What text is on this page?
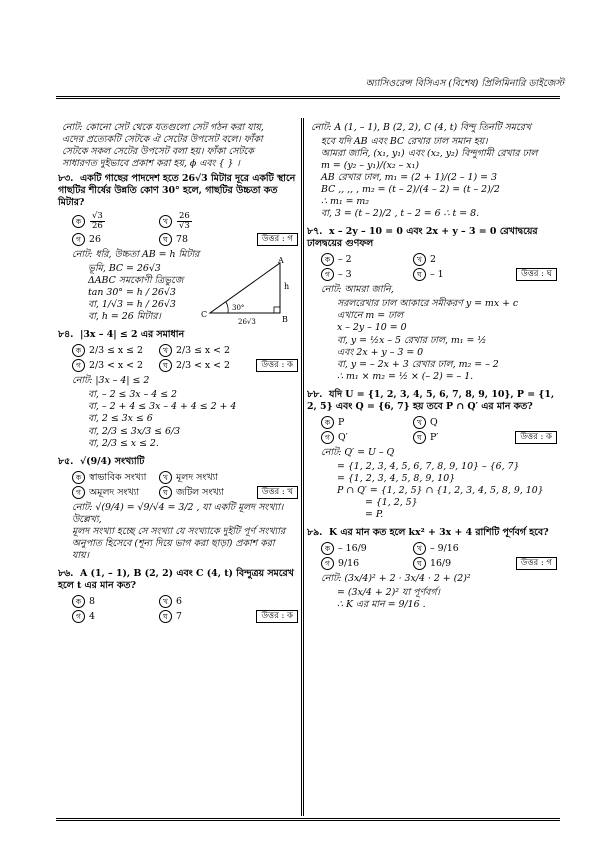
অ্যাসিওরেন্স বিসিএস (বিশেষ) প্রিলিমিনারি ডাইজেস্ট
নোট: কোনো সেট থেকে যতগুলো সেট গঠন করা যায়,
এদের প্রত্যেকটি সেটকে ঐ সেটের উপসেট বলে। ফাঁকা
সেটকে সকল সেটের উপসেট বলা হয়। ফাঁকা সেটকে
সাধারণত দুইভাবে প্রকাশ করা হয়, ϕ এবং { } ।
৮৩. একটি গাছের পাদদেশ হতে 26√3 মিটার দূরে একটি স্থানে গাছটির শীর্ষের উন্নতি কোণ 30° হলে, গাছটির উচ্চতা কত মিটার?
ক $\frac{√3}{26}$	খ $\frac{26}{√3}$
গ 26	ঘ 78	উত্তর : গ
নোট: ধরি, উচ্চতা AB = h মিটার
ভূমি, BC = 26√3
ΔABC সমকোণী ত্রিভুজে
tan 30° = h / 26√3
বা, 1/√3 = h / 26√3
বা, h = 26 মিটার।
A
B
C
h
30°
26√3
৮৪. |3x – 4| ≤ 2 এর সমাধান
ক 2/3 ≤ x ≤ 2	খ 2/3 ≤ x < 2
গ 2/3 < x < 2	ঘ 2/3 < x < 2	উত্তর : ক
নোট: |3x – 4| ≤ 2
বা, – 2 ≤ 3x – 4 ≤ 2
বা, – 2 + 4 ≤ 3x – 4 + 4 ≤ 2 + 4
বা, 2 ≤ 3x ≤ 6
বা, 2/3 ≤ 3x/3 ≤ 6/3
বা, 2/3 ≤ x ≤ 2.
৮৫. √(9/4) সংখ্যাটি
ক স্বাভাবিক সংখ্যা	খ মূলদ সংখ্যা
গ অমূলদ সংখ্যা	ঘ জটিল সংখ্যা	উত্তর : খ
নোট: √(9/4) = √9/√4 = 3/2 , যা একটি মূলদ সংখ্যা। উল্লেখ্য,
মূলদ সংখ্যা হচ্ছে সে সংখ্যা যে সংখ্যাকে দুইটি পূর্ণ সংখ্যার
অনুপাত হিসেবে (শূন্য দিয়ে ভাগ করা ছাড়া) প্রকাশ করা
যায়।
৮৬. A (1, – 1), B (2, 2) এবং C (4, t) বিন্দুত্রয় সমরেখ হলে t এর মান কত?
ক 8	খ 6
গ 4	ঘ 7	উত্তর : ক
নোট: A (1, – 1), B (2, 2), C (4, t) বিন্দু তিনটি সমরেখ
হবে যদি AB এবং BC রেখার ঢাল সমান হয়।
আমরা জানি, (x₁, y₁) এবং (x₂, y₂) বিন্দুগামী রেখার ঢাল
m = (y₂ – y₁)/(x₂ – x₁)
AB রেখার ঢাল, m₁ = (2 + 1)/(2 – 1) = 3
BC ,, ,, , m₂ = (t – 2)/(4 – 2) = (t – 2)/2
∴ m₁ = m₂
বা, 3 = (t – 2)/2 , t – 2 = 6 ∴ t = 8.
৮৭. x – 2y – 10 = 0 এবং 2x + y – 3 = 0 রেখাদ্বয়ের ঢালদ্বয়ের গুণফল
ক – 2	খ 2
গ – 3	ঘ – 1	উত্তর : ঘ
নোট: আমরা জানি,
সরলরেখার ঢাল আকারে সমীকরণ y = mx + c
এখানে m = ঢাল
x – 2y – 10 = 0
বা, y = ½x – 5 রেখার ঢাল, m₁ = ½
এবং 2x + y – 3 = 0
বা, y = – 2x + 3 রেখার ঢাল, m₂ = – 2
∴ m₁ × m₂ = ½ × (– 2) = – 1.
৮৮. যদি U = {1, 2, 3, 4, 5, 6, 7, 8, 9, 10}, P = {1, 2, 5} এবং Q = {6, 7} হয় তবে P ∩ Q′ এর মান কত?
ক P	খ Q
গ Q′	ঘ P′	উত্তর : ক
নোট: Q′ = U – Q
= {1, 2, 3, 4, 5, 6, 7, 8, 9, 10} – {6, 7}
= {1, 2, 3, 4, 5, 8, 9, 10}
P ∩ Q′ = {1, 2, 5} ∩ {1, 2, 3, 4, 5, 8, 9, 10}
= {1, 2, 5}
= P.
৮৯. K এর মান কত হলে kx² + 3x + 4 রাশিটি পূর্ণবর্গ হবে?
ক – 16/9	খ – 9/16
গ 9/16	ঘ 16/9	উত্তর : গ
নোট: (3x/4)² + 2 · 3x/4 · 2 + (2)²
= (3x/4 + 2)² যা পূর্ণবর্গ।
∴ K এর মান = 9/16 .
